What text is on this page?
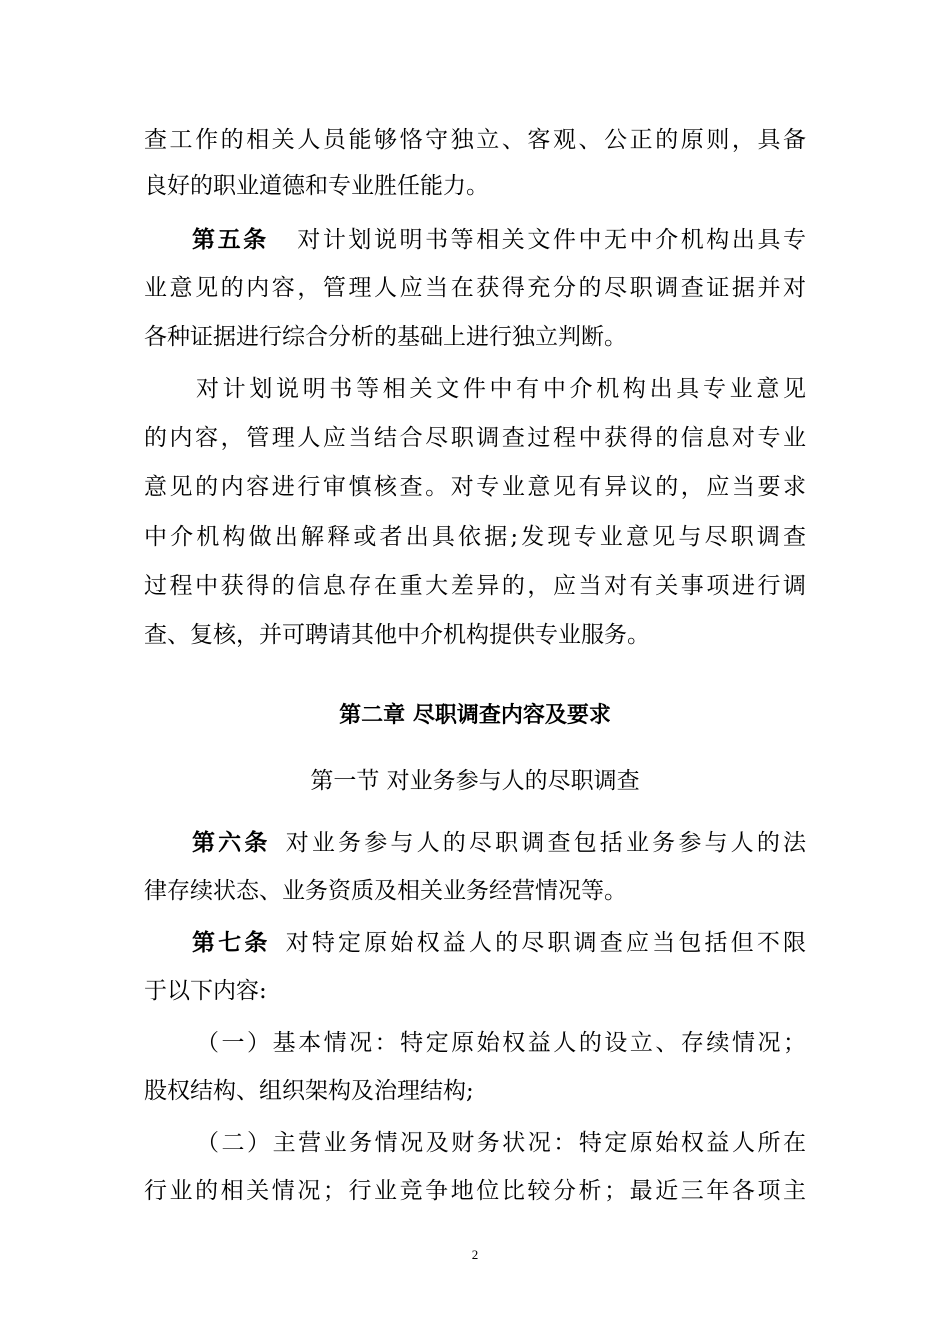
查工作的相关人员能够恪守独立、客观、公正的原则，具备
良好的职业道德和专业胜任能力。
第五条 对计划说明书等相关文件中无中介机构出具专
业意见的内容，管理人应当在获得充分的尽职调查证据并对
各种证据进行综合分析的基础上进行独立判断。
对计划说明书等相关文件中有中介机构出具专业意见
的内容，管理人应当结合尽职调查过程中获得的信息对专业
意见的内容进行审慎核查。对专业意见有异议的，应当要求
中介机构做出解释或者出具依据;发现专业意见与尽职调查
过程中获得的信息存在重大差异的，应当对有关事项进行调
查、复核，并可聘请其他中介机构提供专业服务。
第二章 尽职调查内容及要求
第一节 对业务参与人的尽职调查
第六条 对业务参与人的尽职调查包括业务参与人的法
律存续状态、业务资质及相关业务经营情况等。
第七条 对特定原始权益人的尽职调查应当包括但不限
于以下内容:
（一）基本情况：特定原始权益人的设立、存续情况；
股权结构、组织架构及治理结构;
（二）主营业务情况及财务状况：特定原始权益人所在
行业的相关情况；行业竞争地位比较分析；最近三年各项主
2
